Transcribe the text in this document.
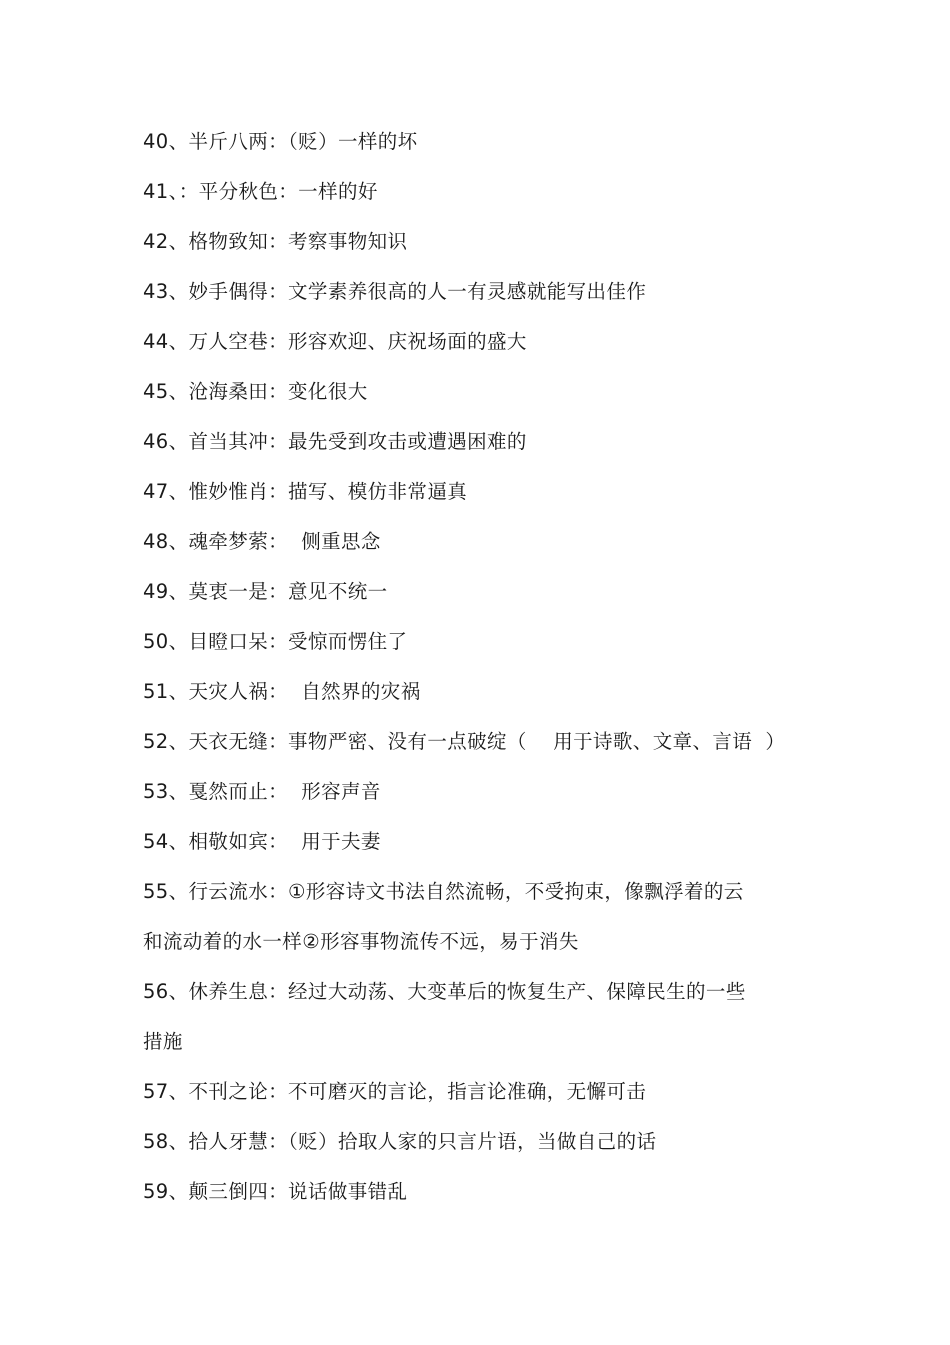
40、半斤八两：（贬）一样的坏
41、：平分秋色：一样的好
42、格物致知：考察事物知识
43、妙手偶得：文学素养很高的人一有灵感就能写出佳作
44、万人空巷：形容欢迎、庆祝场面的盛大
45、沧海桑田：变化很大
46、首当其冲：最先受到攻击或遭遇困难的
47、惟妙惟肖：描写、模仿非常逼真
48、魂牵梦萦：  侧重思念
49、莫衷一是：意见不统一
50、目瞪口呆：受惊而愣住了
51、天灾人祸：  自然界的灾祸
52、天衣无缝：事物严密、没有一点破绽（    用于诗歌、文章、言语  ）
53、戛然而止：  形容声音
54、相敬如宾：  用于夫妻
55、行云流水：①形容诗文书法自然流畅，不受拘束，像飘浮着的云
和流动着的水一样②形容事物流传不远，易于消失
56、休养生息：经过大动荡、大变革后的恢复生产、保障民生的一些
措施
57、不刊之论：不可磨灭的言论，指言论准确，无懈可击
58、拾人牙慧：（贬）拾取人家的只言片语，当做自己的话
59、颠三倒四：说话做事错乱
